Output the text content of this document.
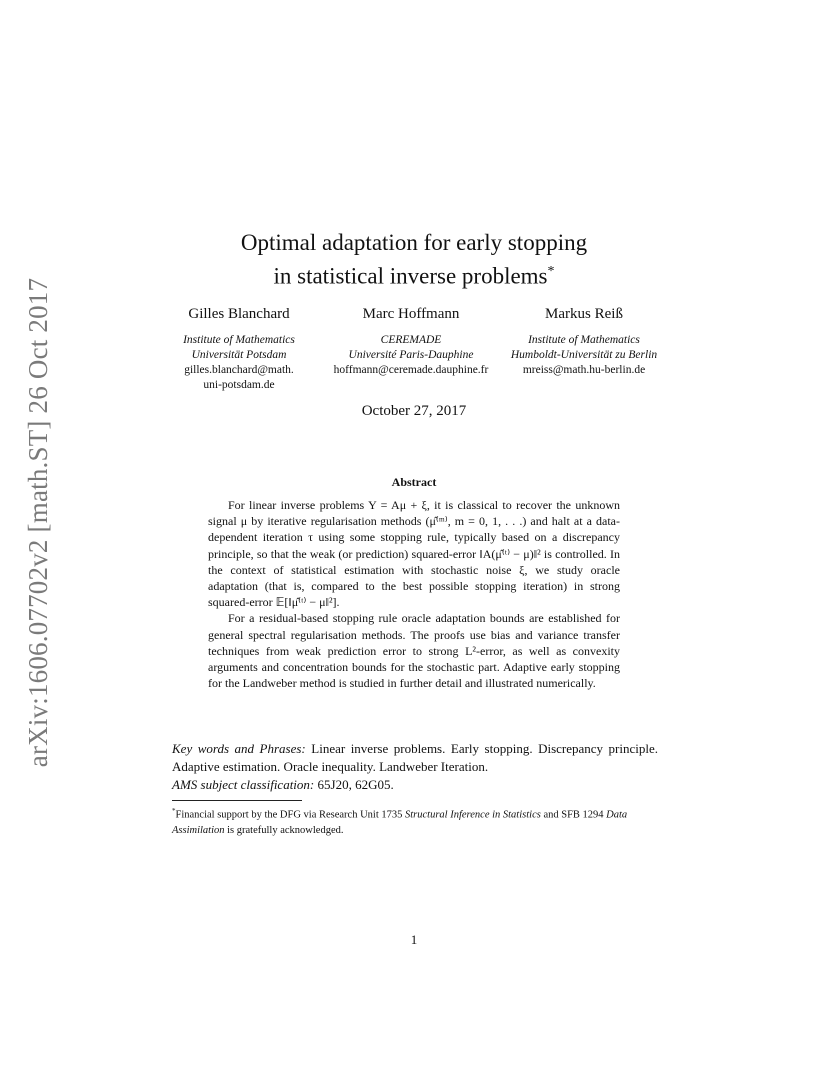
arXiv:1606.07702v2 [math.ST] 26 Oct 2017
Optimal adaptation for early stopping
in statistical inverse problems*
Gilles Blanchard
Institute of Mathematics
Universität Potsdam
gilles.blanchard@math.
uni-potsdam.de
Marc Hoffmann
CEREMADE
Université Paris-Dauphine
hoffmann@ceremade.dauphine.fr
Markus Reiß
Institute of Mathematics
Humboldt-Universität zu Berlin
mreiss@math.hu-berlin.de
October 27, 2017
Abstract

For linear inverse problems Y = Aμ + ξ, it is classical to recover the unknown signal μ by iterative regularisation methods (μ̂⁽ᵐ⁾, m = 0, 1, . . .) and halt at a data-dependent iteration τ using some stopping rule, typically based on a discrepancy principle, so that the weak (or prediction) squared-error ‖A(μ̂⁽ᵗ⁾ − μ)‖² is controlled. In the context of statistical estimation with stochastic noise ξ, we study oracle adaptation (that is, compared to the best possible stopping iteration) in strong squared-error 𝔼[‖μ̂⁽ᵗ⁾ − μ‖²].

For a residual-based stopping rule oracle adaptation bounds are established for general spectral regularisation methods. The proofs use bias and variance transfer techniques from weak prediction error to strong L²-error, as well as convexity arguments and concentration bounds for the stochastic part. Adaptive early stopping for the Landweber method is studied in further detail and illustrated numerically.

Key words and Phrases: Linear inverse problems. Early stopping. Discrepancy principle. Adaptive estimation. Oracle inequality. Landweber Iteration.

AMS subject classification: 65J20, 62G05.

*Financial support by the DFG via Research Unit 1735 Structural Inference in Statistics and SFB 1294 Data Assimilation is gratefully acknowledged.
1
